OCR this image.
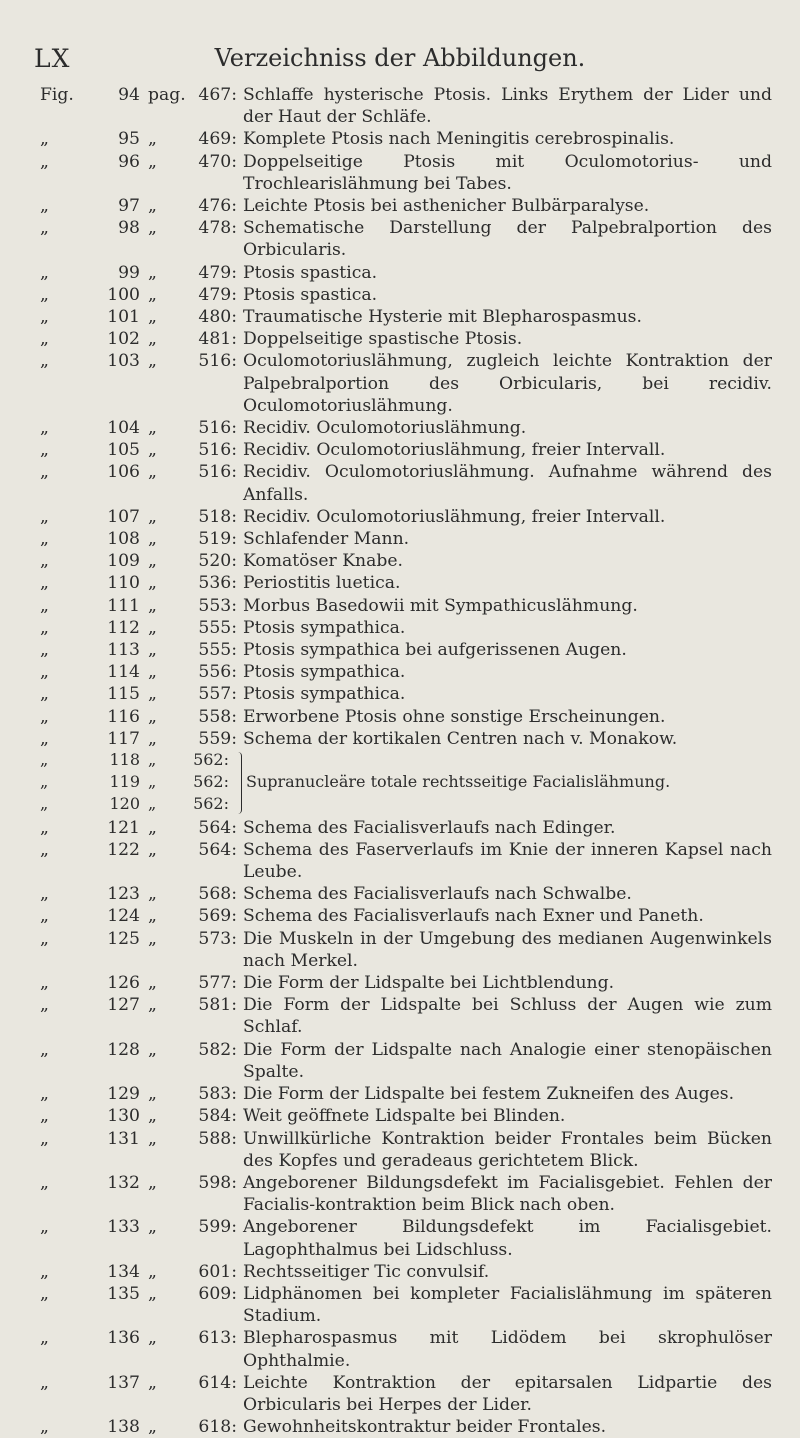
LX	Verzeichniss der Abbildungen.
Fig.	94 pag. 467: Schlaffe hysterische Ptosis. Links Erythem der Lider und der Haut der Schläfe.
„	95 „	469: Komplete Ptosis nach Meningitis cerebrospinalis.
„	96 „	470: Doppelseitige Ptosis mit Oculomotorius- und Trochlearislähmung bei Tabes.
„	97 „	476: Leichte Ptosis bei asthenicher Bulbärparalyse.
„	98 „	478: Schematische Darstellung der Palpebralportion des Orbicularis.
„	99 „	479: Ptosis spastica.
„	100 „	479: Ptosis spastica.
„	101 „	480: Traumatische Hysterie mit Blepharospasmus.
„	102 „	481: Doppelseitige spastische Ptosis.
„	103 „	516: Oculomotoriuslähmung, zugleich leichte Kontraktion der Palpebralportion des Orbicularis, bei recidiv. Oculomotoriuslähmung.
„	104 „	516: Recidiv. Oculomotoriuslähmung.
„	105 „	516: Recidiv. Oculomotoriuslähmung, freier Intervall.
„	106 „	516: Recidiv. Oculomotoriuslähmung. Aufnahme während des Anfalls.
„	107 „	518: Recidiv. Oculomotoriuslähmung, freier Intervall.
„	108 „	519: Schlafender Mann.
„	109 „	520: Komatöser Knabe.
„	110 „	536: Periostitis luetica.
„	111 „	553: Morbus Basedowii mit Sympathicuslähmung.
„	112 „	555: Ptosis sympathica.
„	113 „	555: Ptosis sympathica bei aufgerissenen Augen.
„	114 „	556: Ptosis sympathica.
„	115 „	557: Ptosis sympathica.
„	116 „	558: Erworbene Ptosis ohne sonstige Erscheinungen.
„	117 „	559: Schema der kortikalen Centren nach v. Monakow.
„	118 „	562:
„	119 „	562: Supranucleäre totale rechtsseitige Facialislähmung.
„	120 „	562:
„	121 „	564: Schema des Facialisverlaufs nach Edinger.
„	122 „	564: Schema des Faserverlaufs im Knie der inneren Kapsel nach Leube.
„	123 „	568: Schema des Facialisverlaufs nach Schwalbe.
„	124 „	569: Schema des Facialisverlaufs nach Exner und Paneth.
„	125 „	573: Die Muskeln in der Umgebung des medianen Augenwinkels nach Merkel.
„	126 „	577: Die Form der Lidspalte bei Lichtblendung.
„	127 „	581: Die Form der Lidspalte bei Schluss der Augen wie zum Schlaf.
„	128 „	582: Die Form der Lidspalte nach Analogie einer stenopäischen Spalte.
„	129 „	583: Die Form der Lidspalte bei festem Zukneifen des Auges.
„	130 „	584: Weit geöffnete Lidspalte bei Blinden.
„	131 „	588: Unwillkürliche Kontraktion beider Frontales beim Bücken des Kopfes und geradeaus gerichtetem Blick.
„	132 „	598: Angeborener Bildungsdefekt im Facialisgebiet. Fehlen der Facialis-kontraktion beim Blick nach oben.
„	133 „	599: Angeborener Bildungsdefekt im Facialisgebiet. Lagophthalmus bei Lidschluss.
„	134 „	601: Rechtsseitiger Tic convulsif.
„	135 „	609: Lidphänomen bei kompleter Facialislähmung im späteren Stadium.
„	136 „	613: Blepharospasmus mit Lidödem bei skrophulöser Ophthalmie.
„	137 „	614: Leichte Kontraktion der epitarsalen Lidpartie des Orbicularis bei Herpes der Lider.
„	138 „	618: Gewohnheitskontraktur beider Frontales.
